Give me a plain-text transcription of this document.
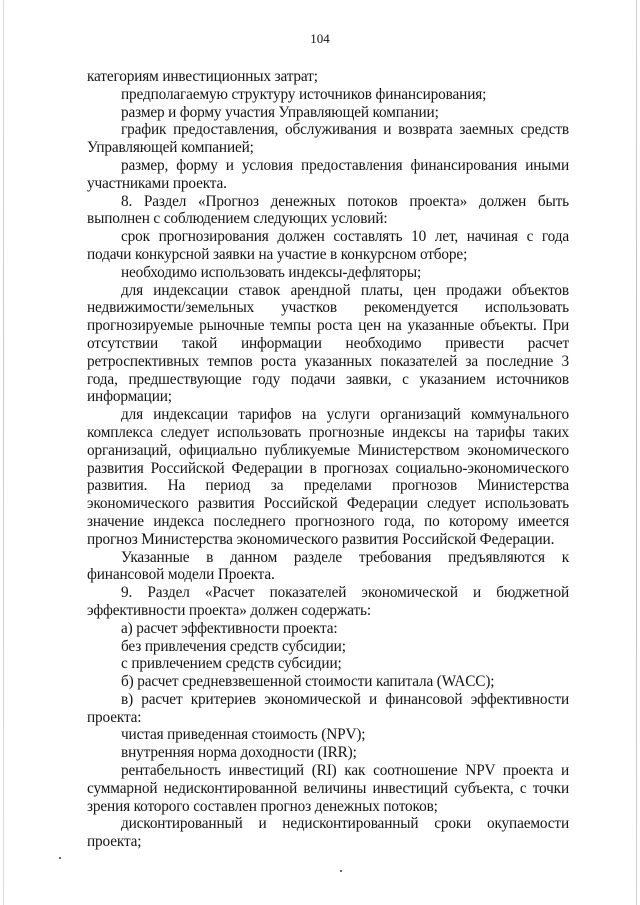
104

категориям инвестиционных затрат;

предполагаемую структуру источников финансирования;

размер и форму участия Управляющей компании;

график предоставления, обслуживания и возврата заемных средств Управляющей компанией;

размер, форму и условия предоставления финансирования иными участниками проекта.

8. Раздел «Прогноз денежных потоков проекта» должен быть выполнен с соблюдением следующих условий:

срок прогнозирования должен составлять 10 лет, начиная с года подачи конкурсной заявки на участие в конкурсном отборе;

необходимо использовать индексы-дефляторы;

для индексации ставок арендной платы, цен продажи объектов недвижимости/земельных участков рекомендуется использовать прогнозируемые рыночные темпы роста цен на указанные объекты. При отсутствии такой информации необходимо привести расчет ретроспективных темпов роста указанных показателей за последние 3 года, предшествующие году подачи заявки, с указанием источников информации;

для индексации тарифов на услуги организаций коммунального комплекса следует использовать прогнозные индексы на тарифы таких организаций, официально публикуемые Министерством экономического развития Российской Федерации в прогнозах социально-экономического развития. На период за пределами прогнозов Министерства экономического развития Российской Федерации следует использовать значение индекса последнего прогнозного года, по которому имеется прогноз Министерства экономического развития Российской Федерации.

Указанные в данном разделе требования предъявляются к финансовой модели Проекта.

9. Раздел «Расчет показателей экономической и бюджетной эффективности проекта» должен содержать:

а) расчет эффективности проекта:

без привлечения средств субсидии;

с привлечением средств субсидии;

б) расчет средневзвешенной стоимости капитала (WACC);

в) расчет критериев экономической и финансовой эффективности проекта:

чистая приведенная стоимость (NPV);

внутренняя норма доходности (IRR);

рентабельность инвестиций (RI) как соотношение NPV проекта и суммарной недисконтированной величины инвестиций субъекта, с точки зрения которого составлен прогноз денежных потоков;

дисконтированный и недисконтированный сроки окупаемости проекта;
